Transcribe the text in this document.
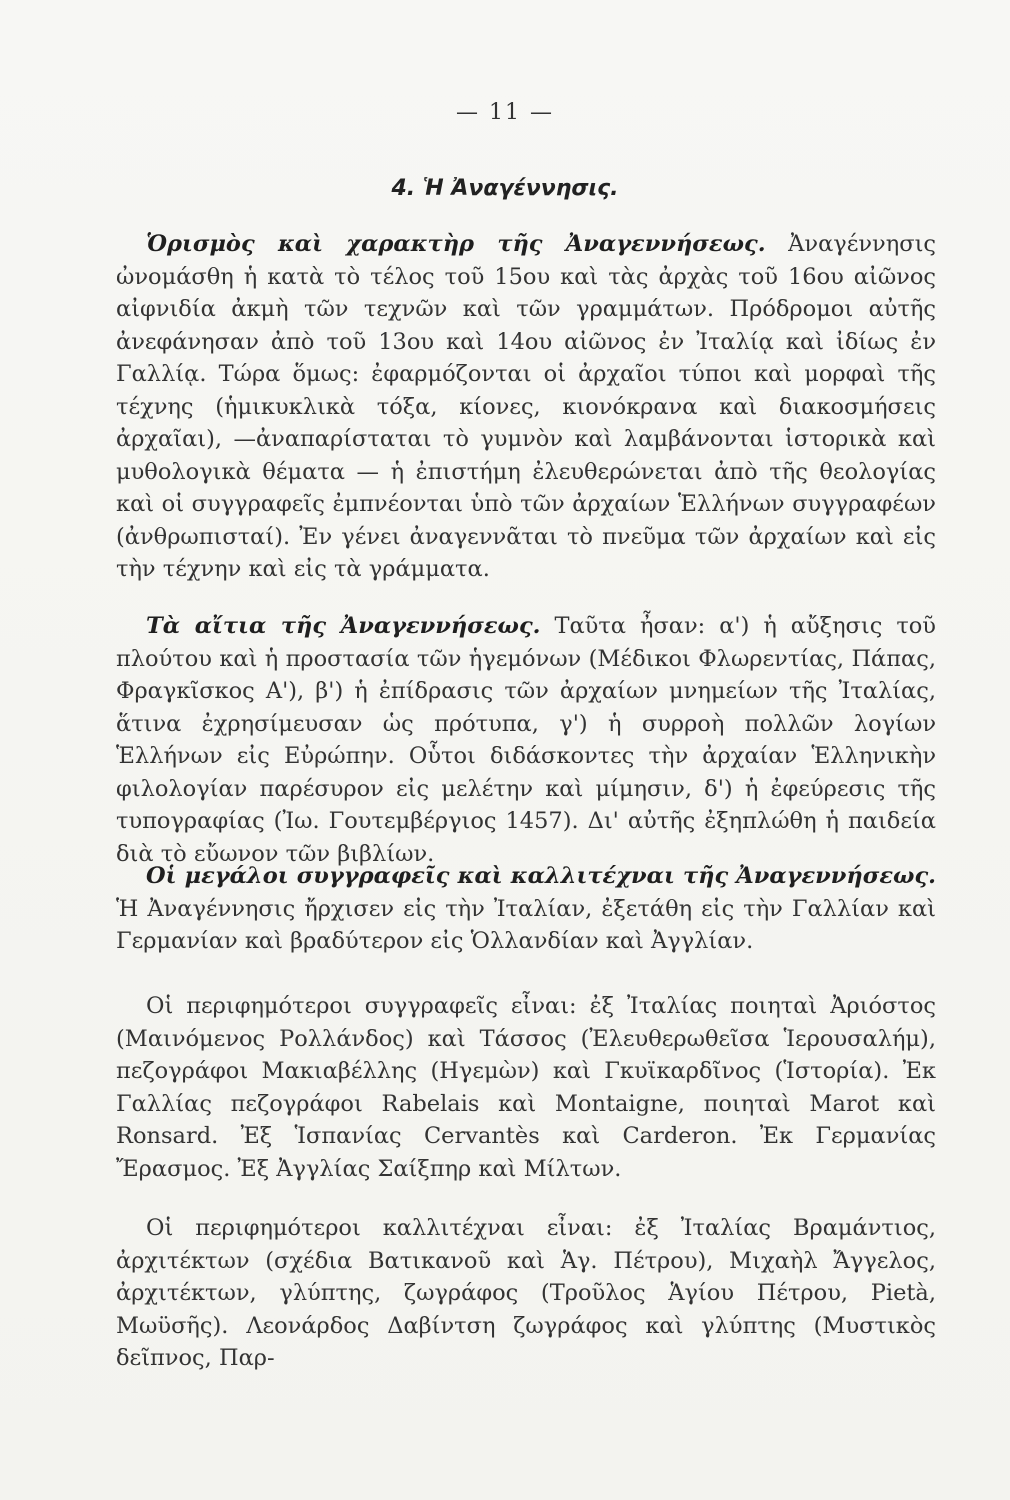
— 11 —
4. Ἡ Ἀναγέννησις.

Ὁρισμὸς καὶ χαρακτὴρ τῆς Ἀναγεννήσεως. Ἀναγέννησις ὠνομάσθη ἡ κατὰ τὸ τέλος τοῦ 15ου καὶ τὰς ἀρχὰς τοῦ 16ου αἰῶνος αἰφνιδία ἀκμὴ τῶν τεχνῶν καὶ τῶν γραμμάτων. Πρόδρομοι αὐτῆς ἀνεφάνησαν ἀπὸ τοῦ 13ου καὶ 14ου αἰῶνος ἐν Ἰταλίᾳ καὶ ἰδίως ἐν Γαλλίᾳ. Τώρα ὅμως: ἐφαρμόζονται οἱ ἀρχαῖοι τύποι καὶ μορφαὶ τῆς τέχνης (ἡμικυκλικὰ τόξα, κίονες, κιονόκρανα καὶ διακοσμήσεις ἀρχαῖαι), —ἀναπαρίσταται τὸ γυμνὸν καὶ λαμβάνονται ἱστορικὰ καὶ μυθολογικὰ θέματα — ἡ ἐπιστήμη ἐλευθερώνεται ἀπὸ τῆς θεολογίας καὶ οἱ συγγραφεῖς ἐμπνέονται ὑπὸ τῶν ἀρχαίων Ἑλλήνων συγγραφέων (ἀνθρωπισταί). Ἐν γένει ἀναγεννᾶται τὸ πνεῦμα τῶν ἀρχαίων καὶ εἰς τὴν τέχνην καὶ εἰς τὰ γράμματα.

Τὰ αἴτια τῆς Ἀναγεννήσεως. Ταῦτα ἦσαν: α') ἡ αὔξησις τοῦ πλούτου καὶ ἡ προστασία τῶν ἡγεμόνων (Μέδικοι Φλωρεντίας, Πάπας, Φραγκῖσκος Α'), β') ἡ ἐπίδρασις τῶν ἀρχαίων μνημείων τῆς Ἰταλίας, ἅτινα ἐχρησίμευσαν ὡς πρότυπα, γ') ἡ συρροὴ πολλῶν λογίων Ἑλλήνων εἰς Εὐρώπην. Οὗτοι διδάσκοντες τὴν ἀρχαίαν Ἑλληνικὴν φιλολογίαν παρέσυρον εἰς μελέτην καὶ μίμησιν, δ') ἡ ἐφεύρεσις τῆς τυπογραφίας (Ἰω. Γουτεμβέργιος 1457). Δι' αὐτῆς ἐξηπλώθη ἡ παιδεία διὰ τὸ εὔωνον τῶν βιβλίων.

Οἱ μεγάλοι συγγραφεῖς καὶ καλλιτέχναι τῆς Ἀναγεννήσεως. Ἡ Ἀναγέννησις ἤρχισεν εἰς τὴν Ἰταλίαν, ἐξετάθη εἰς τὴν Γαλλίαν καὶ Γερμανίαν καὶ βραδύτερον εἰς Ὁλλανδίαν καὶ Ἀγγλίαν.

Οἱ περιφημότεροι συγγραφεῖς εἶναι: ἐξ Ἰταλίας ποιηταὶ Ἀριόστος (Μαινόμενος Ρολλάνδος) καὶ Τάσσος (Ἐλευθερωθεῖσα Ἱερουσαλήμ), πεζογράφοι Μακιαβέλλης (Ηγεμὼν) καὶ Γκυϊκαρδῖνος (Ἱστορία). Ἐκ Γαλλίας πεζογράφοι Rabelais καὶ Montaigne, ποιηταὶ Marot καὶ Ronsard. Ἐξ Ἱσπανίας Cervantès καὶ Carderon. Ἐκ Γερμανίας Ἔρασμος. Ἐξ Ἀγγλίας Σαίξπηρ καὶ Μίλτων.

Οἱ περιφημότεροι καλλιτέχναι εἶναι: ἐξ Ἰταλίας Βραμάντιος, ἀρχιτέκτων (σχέδια Βατικανοῦ καὶ Ἁγ. Πέτρου), Μιχαὴλ Ἄγγελος, ἀρχιτέκτων, γλύπτης, ζωγράφος (Τροῦλος Ἁγίου Πέτρου, Pietà, Μωϋσῆς). Λεονάρδος Δαβίντση ζωγράφος καὶ γλύπτης (Μυστικὸς δεῖπνος, Παρ-
